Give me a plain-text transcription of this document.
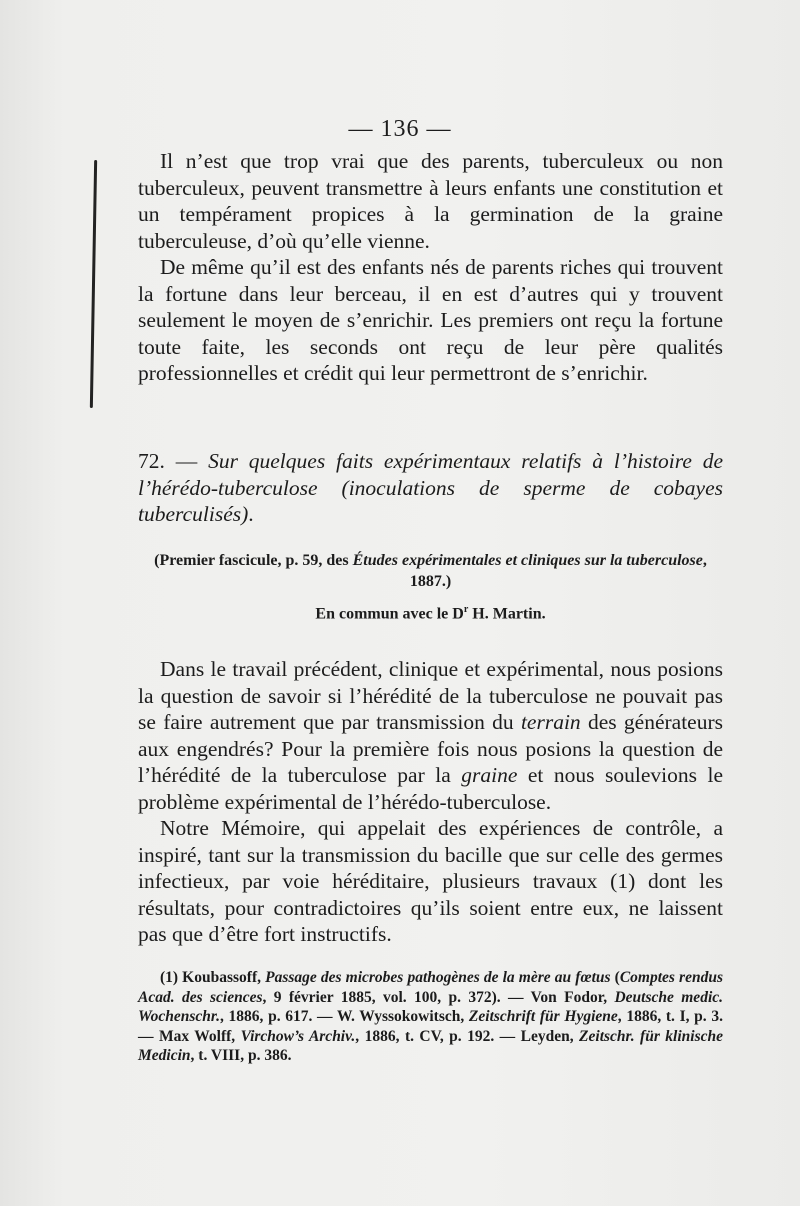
— 136 —

Il n’est que trop vrai que des parents, tuberculeux ou non tuberculeux, peuvent transmettre à leurs enfants une constitution et un tempérament propices à la germination de la graine tuberculeuse, d’où qu’elle vienne.

De même qu’il est des enfants nés de parents riches qui trouvent la fortune dans leur berceau, il en est d’autres qui y trouvent seulement le moyen de s’enrichir. Les premiers ont reçu la fortune toute faite, les seconds ont reçu de leur père qualités professionnelles et crédit qui leur permettront de s’enrichir.

72. — Sur quelques faits expérimentaux relatifs à l’histoire de l’hérédo-tuberculose (inoculations de sperme de cobayes tuberculisés).
(Premier fascicule, p. 59, des Études expérimentales et cliniques sur la tuberculose, 1887.)
En commun avec le $D^r$ H. Martin.

Dans le travail précédent, clinique et expérimental, nous posions la question de savoir si l’hérédité de la tuberculose ne pouvait pas se faire autrement que par transmission du terrain des générateurs aux engendrés? Pour la première fois nous posions la question de l’hérédité de la tuberculose par la graine et nous soulevions le problème expérimental de l’hérédo-tuberculose.

Notre Mémoire, qui appelait des expériences de contrôle, a inspiré, tant sur la transmission du bacille que sur celle des germes infectieux, par voie héréditaire, plusieurs travaux (1) dont les résultats, pour contradictoires qu’ils soient entre eux, ne laissent pas que d’être fort instructifs.

(1) Koubassoff, Passage des microbes pathogènes de la mère au fœtus (Comptes rendus Acad. des sciences, 9 février 1885, vol. 100, p. 372). — Von Fodor, Deutsche medic. Wochenschr., 1886, p. 617. — W. Wyssokowitsch, Zeitschrift für Hygiene, 1886, t. I, p. 3. — Max Wolff, Virchow’s Archiv., 1886, t. CV, p. 192. — Leyden, Zeitschr. für klinische Medicin, t. VIII, p. 386.
